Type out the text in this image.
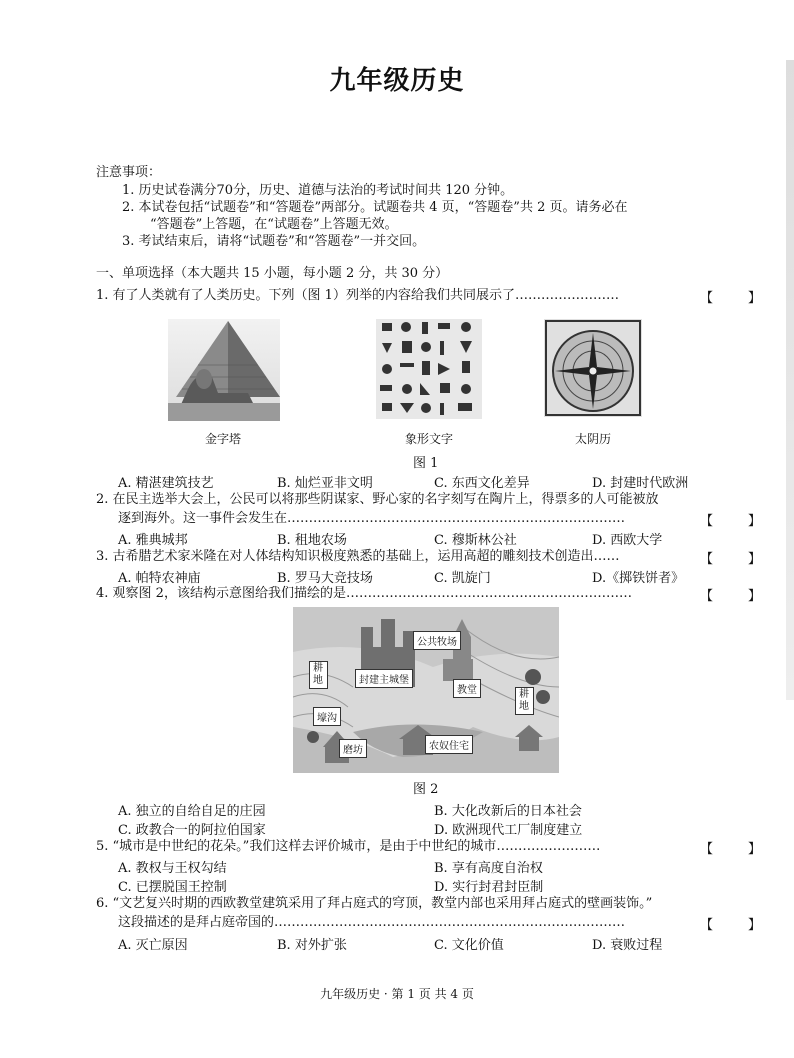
九年级历史
注意事项：
1. 历史试卷满分70分，历史、道德与法治的考试时间共 120 分钟。
2. 本试卷包括“试题卷”和“答题卷”两部分。试题卷共 4 页，“答题卷”共 2 页。请务必在
“答题卷”上答题，在“试题卷”上答题无效。
3. 考试结束后，请将“试题卷”和“答题卷”一并交回。
一、单项选择（本大题共 15 小题，每小题 2 分，共 30 分）
1. 有了人类就有了人类历史。下列（图 1）列举的内容给我们共同展示了……………………	【	】
金字塔	象形文字	太阴历
图 1
A. 精湛建筑技艺	B. 灿烂亚非文明	C. 东西文化差异	D. 封建时代欧洲
2. 在民主选举大会上，公民可以将那些阴谋家、野心家的名字刻写在陶片上，得票多的人可能被放
逐到海外。这一事件会发生在……………………………………………………………………	【	】
A. 雅典城邦	B. 租地农场	C. 穆斯林公社	D. 西欧大学
3. 古希腊艺术家米隆在对人体结构知识极度熟悉的基础上，运用高超的雕刻技术创造出……	【	】
A. 帕特农神庙	B. 罗马大竞技场	C. 凯旋门	D.《掷铁饼者》
4. 观察图 2，该结构示意图给我们描绘的是…………………………………………………………	【	】
公共牧场
耕地	封建主城堡
教堂	耕地
壕沟
磨坊	农奴住宅
图 2
A. 独立的自给自足的庄园	B. 大化改新后的日本社会
C. 政教合一的阿拉伯国家	D. 欧洲现代工厂制度建立
5. “城市是中世纪的花朵。”我们这样去评价城市，是由于中世纪的城市……………………	【	】
A. 教权与王权勾结	B. 享有高度自治权
C. 已摆脱国王控制	D. 实行封君封臣制
6. “文艺复兴时期的西欧教堂建筑采用了拜占庭式的穹顶，教堂内部也采用拜占庭式的壁画装饰。”
这段描述的是拜占庭帝国的………………………………………………………………………	【	】
A. 灭亡原因	B. 对外扩张	C. 文化价值	D. 衰败过程
九年级历史 · 第 1 页 共 4 页
